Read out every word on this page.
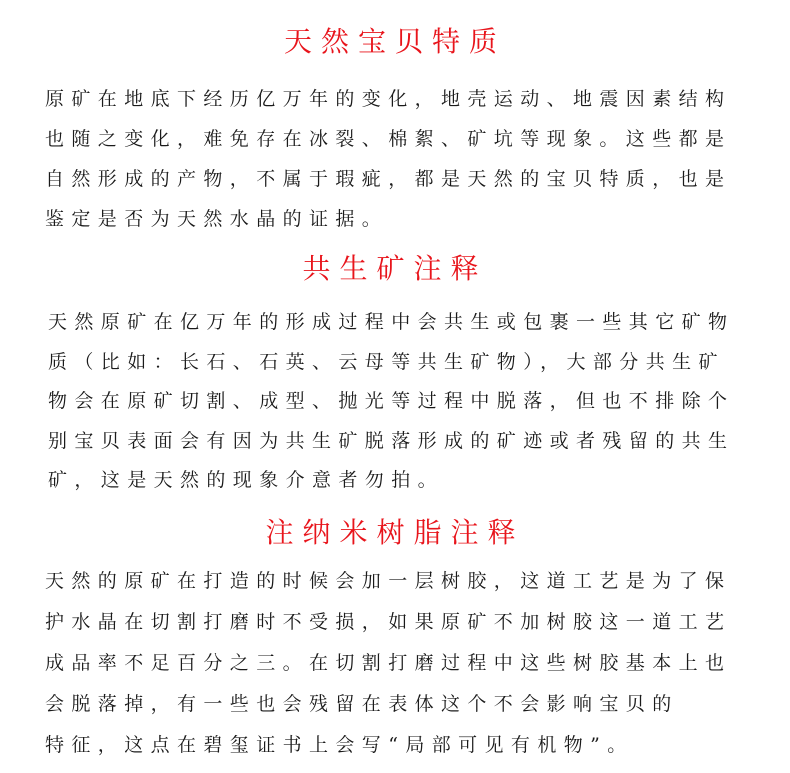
天然宝贝特质
原矿在地底下经历亿万年的变化，地壳运动、地震因素结构
也随之变化，难免存在冰裂、棉絮、矿坑等现象。这些都是
自然形成的产物，不属于瑕疵，都是天然的宝贝特质，也是
鉴定是否为天然水晶的证据。
共生矿注释
天然原矿在亿万年的形成过程中会共生或包裹一些其它矿物
质（比如：长石、石英、云母等共生矿物），大部分共生矿
物会在原矿切割、成型、抛光等过程中脱落，但也不排除个
别宝贝表面会有因为共生矿脱落形成的矿迹或者残留的共生
矿，这是天然的现象介意者勿拍。
注纳米树脂注释
天然的原矿在打造的时候会加一层树胶，这道工艺是为了保
护水晶在切割打磨时不受损，如果原矿不加树胶这一道工艺
成品率不足百分之三。在切割打磨过程中这些树胶基本上也
会脱落掉，有一些也会残留在表体这个不会影响宝贝的
特征，这点在碧玺证书上会写“局部可见有机物”。
